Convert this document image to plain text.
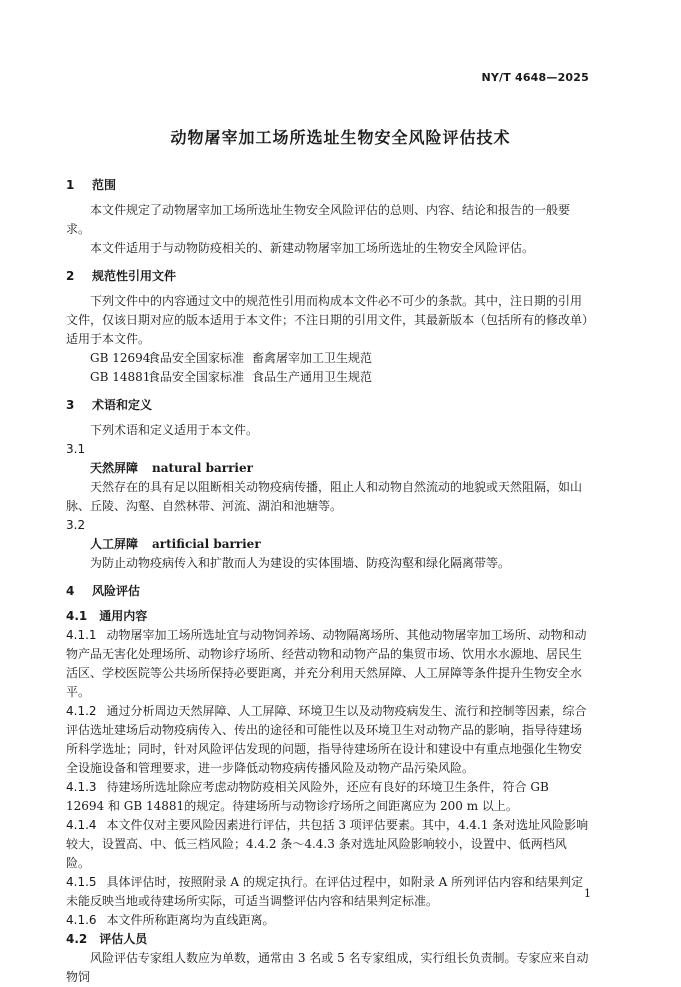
NY/T 4648—2025
动物屠宰加工场所选址生物安全风险评估技术
1 范围

本文件规定了动物屠宰加工场所选址生物安全风险评估的总则、内容、结论和报告的一般要求。

本文件适用于与动物防疫相关的、新建动物屠宰加工场所选址的生物安全风险评估。

2 规范性引用文件

下列文件中的内容通过文中的规范性引用而构成本文件必不可少的条款。其中，注日期的引用文件，仅该日期对应的版本适用于本文件；不注日期的引用文件，其最新版本（包括所有的修改单）适用于本文件。

GB 12694食品安全国家标准 畜禽屠宰加工卫生规范

GB 14881食品安全国家标准 食品生产通用卫生规范

3 术语和定义

下列术语和定义适用于本文件。

3.1

天然屏障 natural barrier

天然存在的具有足以阻断相关动物疫病传播，阻止人和动物自然流动的地貌或天然阻隔，如山脉、丘陵、沟壑、自然林带、河流、湖泊和池塘等。

3.2

人工屏障 artificial barrier

为防止动物疫病传入和扩散而人为建设的实体围墙、防疫沟壑和绿化隔离带等。

4 风险评估

4.1 通用内容

4.1.1 动物屠宰加工场所选址宜与动物饲养场、动物隔离场所、其他动物屠宰加工场所、动物和动物产品无害化处理场所、动物诊疗场所、经营动物和动物产品的集贸市场、饮用水水源地、居民生活区、学校医院等公共场所保持必要距离，并充分利用天然屏障、人工屏障等条件提升生物安全水平。

4.1.2 通过分析周边天然屏障、人工屏障、环境卫生以及动物疫病发生、流行和控制等因素，综合评估选址建场后动物疫病传入、传出的途径和可能性以及环境卫生对动物产品的影响，指导待建场所科学选址；同时，针对风险评估发现的问题，指导待建场所在设计和建设中有重点地强化生物安全设施设备和管理要求，进一步降低动物疫病传播风险及动物产品污染风险。

4.1.3 待建场所选址除应考虑动物防疫相关风险外，还应有良好的环境卫生条件，符合 GB 12694 和 GB 14881的规定。待建场所与动物诊疗场所之间距离应为 200 m 以上。

4.1.4 本文件仅对主要风险因素进行评估，共包括 3 项评估要素。其中，4.4.1 条对选址风险影响较大，设置高、中、低三档风险；4.4.2 条～4.4.3 条对选址风险影响较小，设置中、低两档风险。

4.1.5 具体评估时，按照附录 A 的规定执行。在评估过程中，如附录 A 所列评估内容和结果判定未能反映当地或待建场所实际，可适当调整评估内容和结果判定标准。

4.1.6 本文件所称距离均为直线距离。

4.2 评估人员

风险评估专家组人数应为单数，通常由 3 名或 5 名专家组成，实行组长负责制。专家应来自动物饲

1
